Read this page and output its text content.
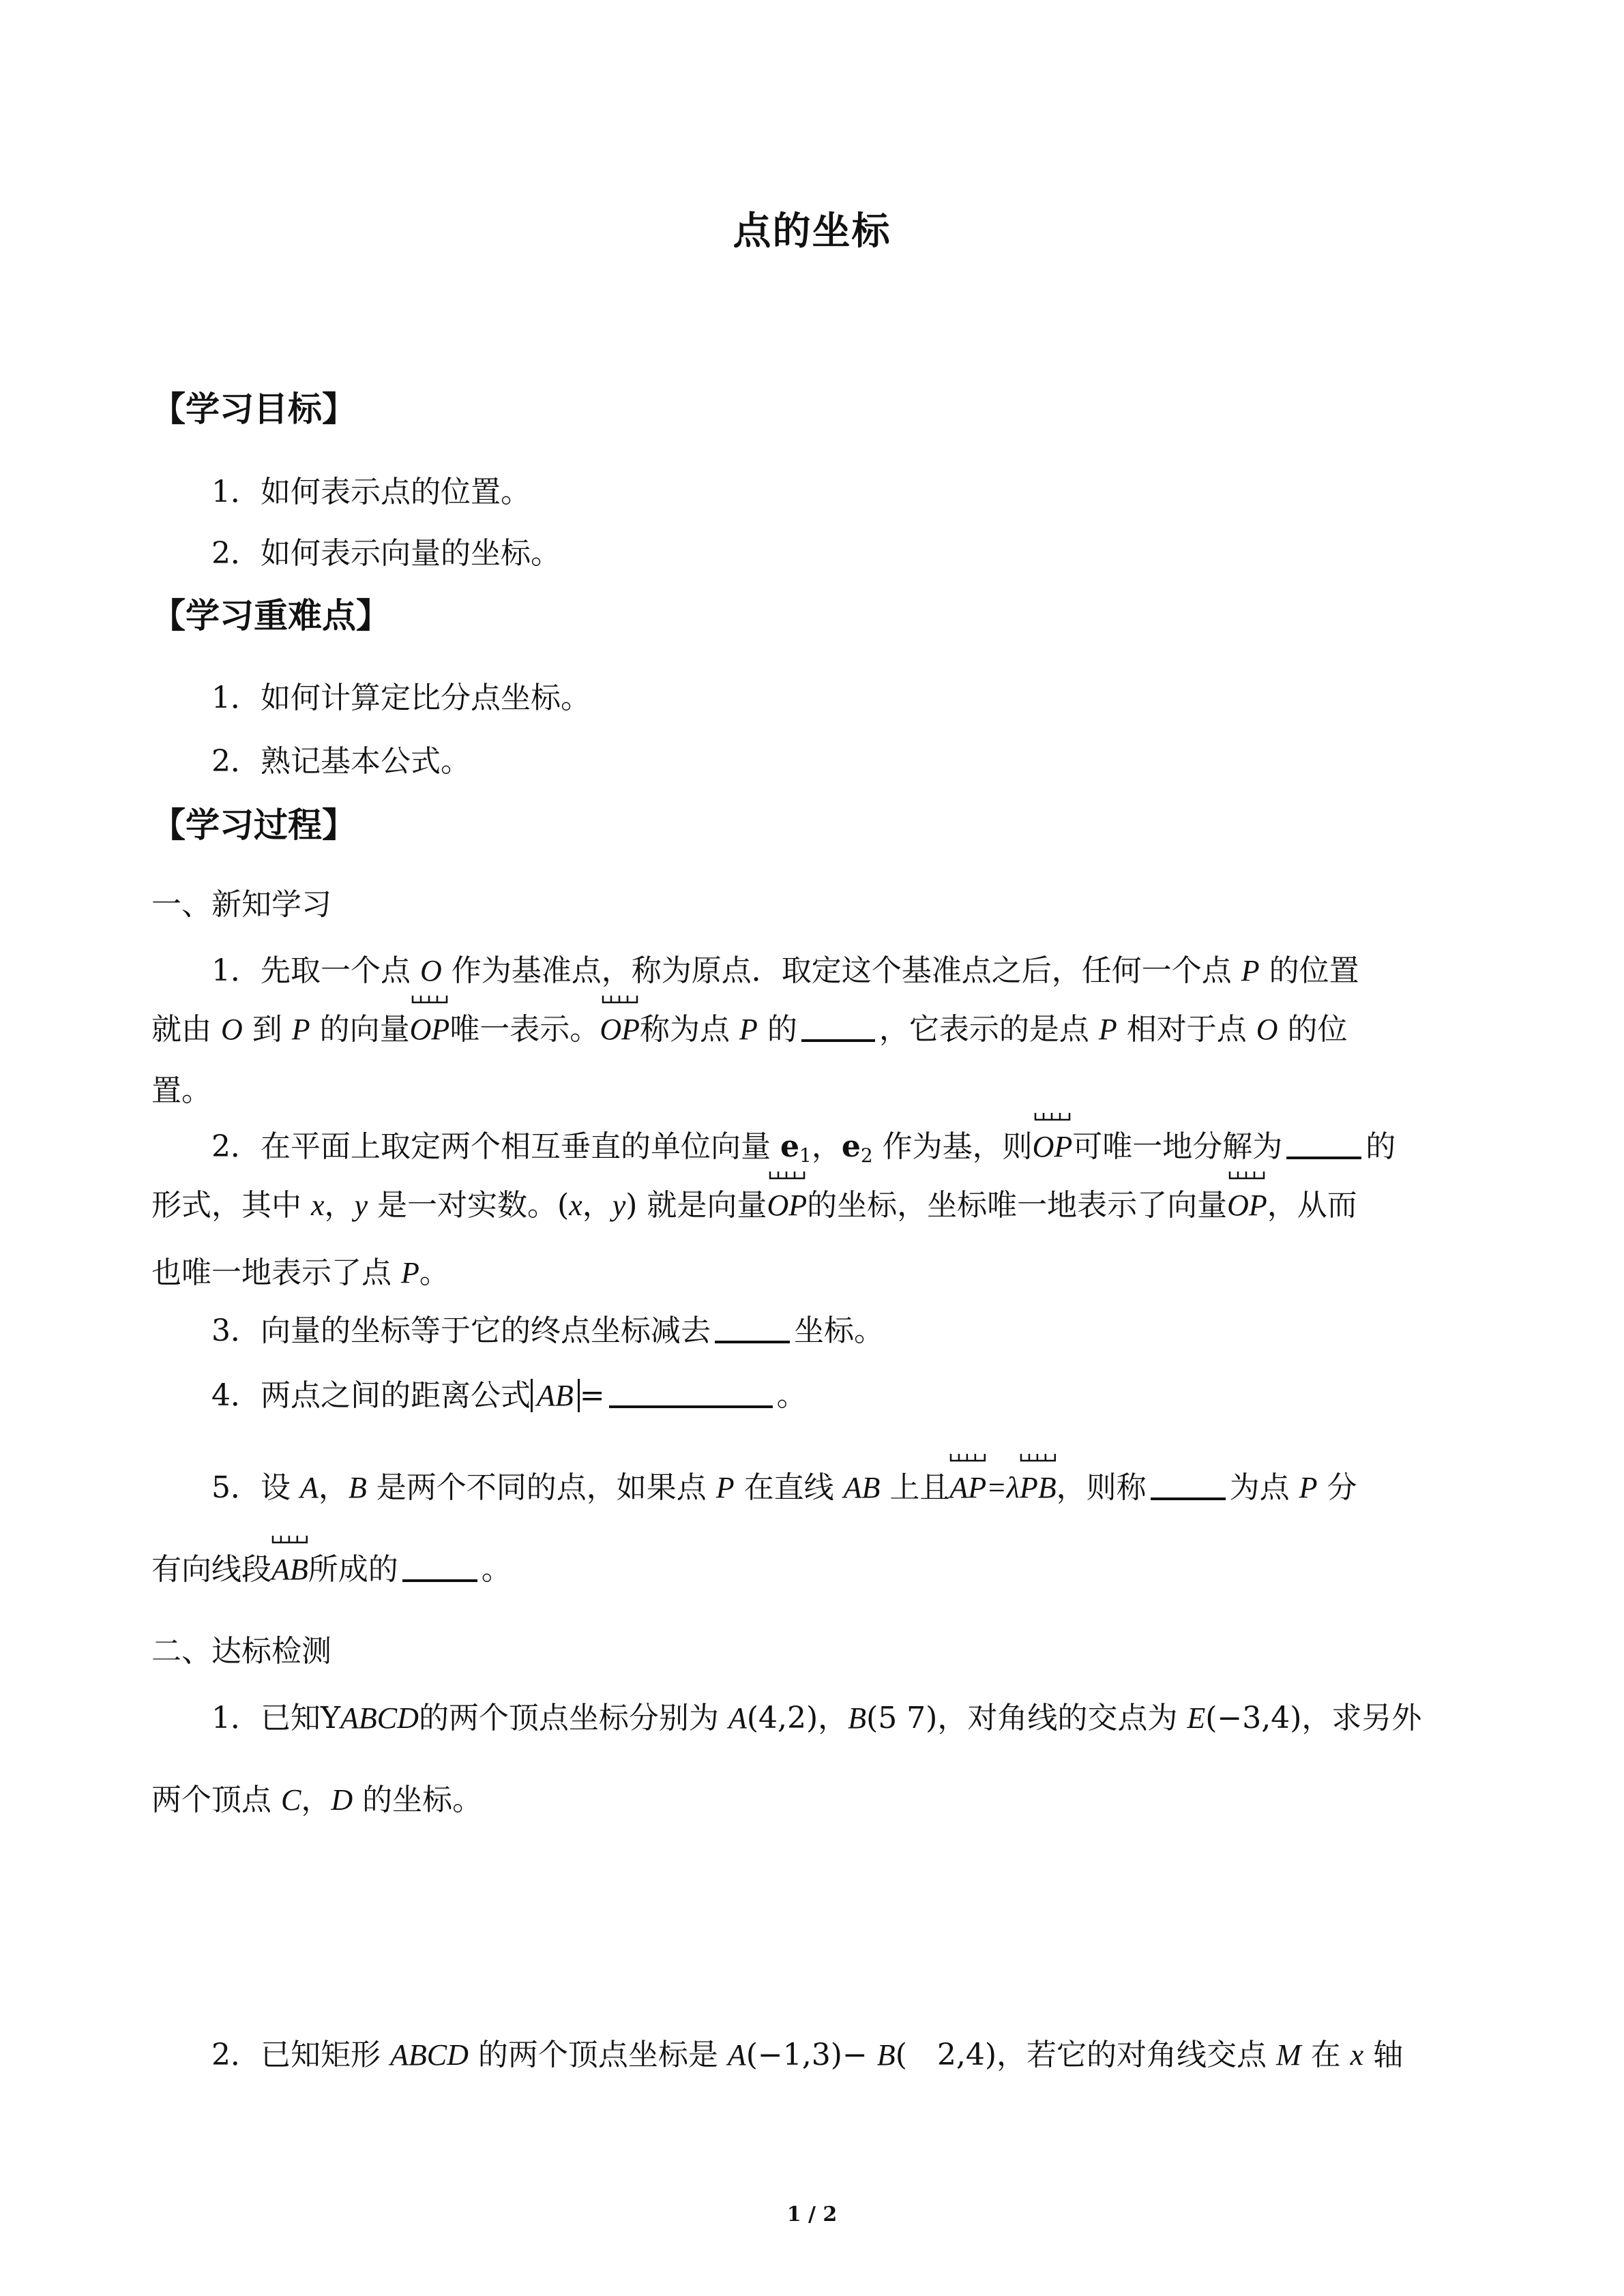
点的坐标
【学习目标】
1．如何表示点的位置。
2．如何表示向量的坐标。
【学习重难点】
1．如何计算定比分点坐标。
2．熟记基本公式。
【学习过程】
一、新知学习
1．先取一个点 O 作为基准点，称为原点．取定这个基准点之后，任何一个点 P 的位置
就由 O 到 P 的向量
OP唯一表示。
OP称为点 P 的	，它表示的是点 P 相对于点 O 的位
置。
2．在平面上取定两个相互垂直的单位向量 $e_1$，$e_2$ 作为基，则
OP可唯一地分解为	的
形式，其中 x，y 是一对实数。(x，y) 就是向量
OP的坐标，坐标唯一地表示了向量
OP，从而
也唯一地表示了点 P。
3．向量的坐标等于它的终点坐标减去	坐标。
4．两点之间的距离公式 AB =	。
5．设 A，B 是两个不同的点，如果点 P 在直线 AB 上且
AP=λ
PB，则称	为点 P 分
有向线段
AB所成的	。
二、达标检测
1．已知YABCD的两个顶点坐标分别为 A(4,2)，B(5 7)，对角线的交点为 E(−3,4)，求另外
两个顶点 C，D 的坐标。
2．已知矩形 ABCD 的两个顶点坐标是 A(−1,3)− B(　2,4)，若它的对角线交点 M 在 x 轴
1 / 2
